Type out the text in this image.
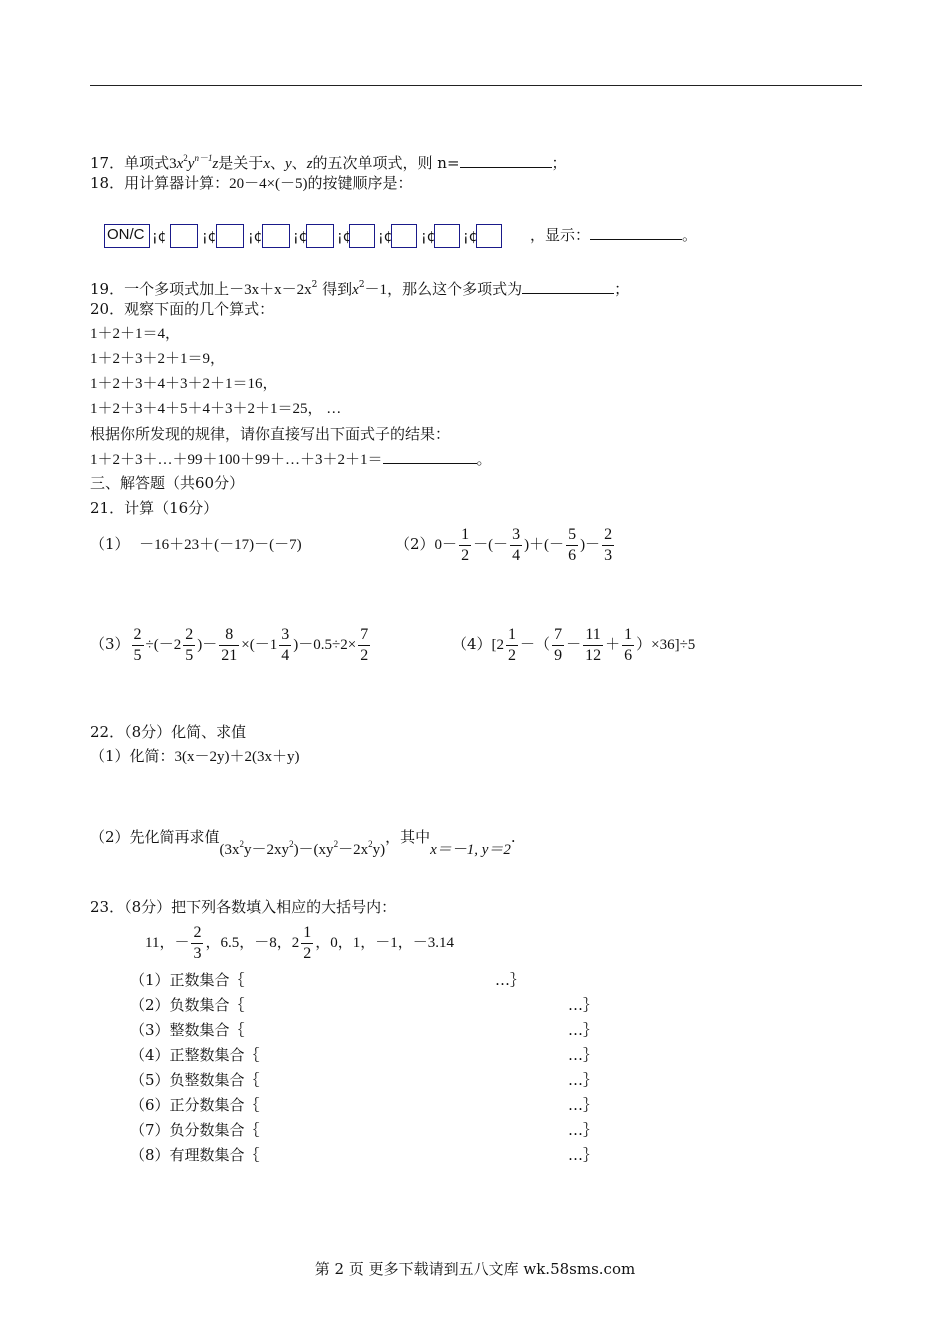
17．单项式$3x^2y^{n-1}z$是关于x、y、z的五次单项式，则 n=	；
18．用计算器计算：20－4×(－5)的按键顺序是：
ON/C ¡¢	¡¢ ¡¢ ¡¢ ¡¢ ¡¢ ¡¢ ¡¢	，显示：	。
19．一个多项式加上$-3x+x-2x^2$ 得到$x^2-1$，那么这个多项式为	；
20．观察下面的几个算式：
1＋2＋1＝4，
1＋2＋3＋2＋1＝9，
1＋2＋3＋4＋3＋2＋1＝16，
1＋2＋3＋4＋5＋4＋3＋2＋1＝25， …
根据你所发现的规律，请你直接写出下面式子的结果：
1＋2＋3＋…＋99＋100＋99＋…＋3＋2＋1＝	。
三、解答题（共60分）
21．计算（16分）
（1） －16＋23＋(－17)－(－7)	$(2)0- \frac{1}{2}$ －(－ $\frac{3}{4}$ )＋(－ $\frac{5}{6}$ )－ $\frac{2}{3}$
$(3) \frac{2}{5} \div(-2 \frac{2}{5}$ )－ $\frac{8}{21} \times(-1 \frac{3}{4} )-0.5\div 2\times \frac{7}{2}$	$(4)[2 \frac{1}{2}$ －（ $\frac{7}{9} - \frac{11}{12} + \frac{1}{6} )\times 36]\div 5$
22．（8分）化简、求值
（1）化简：3(x－2y)＋2(3x＋y)
（2）先化简再求值$(3x^2y-2xy^2)-(xy^2-2x^2y)$，其中x＝－1, y＝2.
23．（8分）把下列各数填入相应的大括号内：
11，－ $\frac{2}{3}$ ，6.5，－8，$2 \frac{1}{2}$ ，0，1，－1，－3.14
（1）正数集合｛	…｝
（2）负数集合｛	…｝
（3）整数集合｛	…｝
（4）正整数集合｛	…｝
（5）负整数集合｛	…｝
（6）正分数集合｛	…｝
（7）负分数集合｛	…｝
（8）有理数集合｛	…｝
第 2 页 更多下载请到五八文库 wk.58sms.com
